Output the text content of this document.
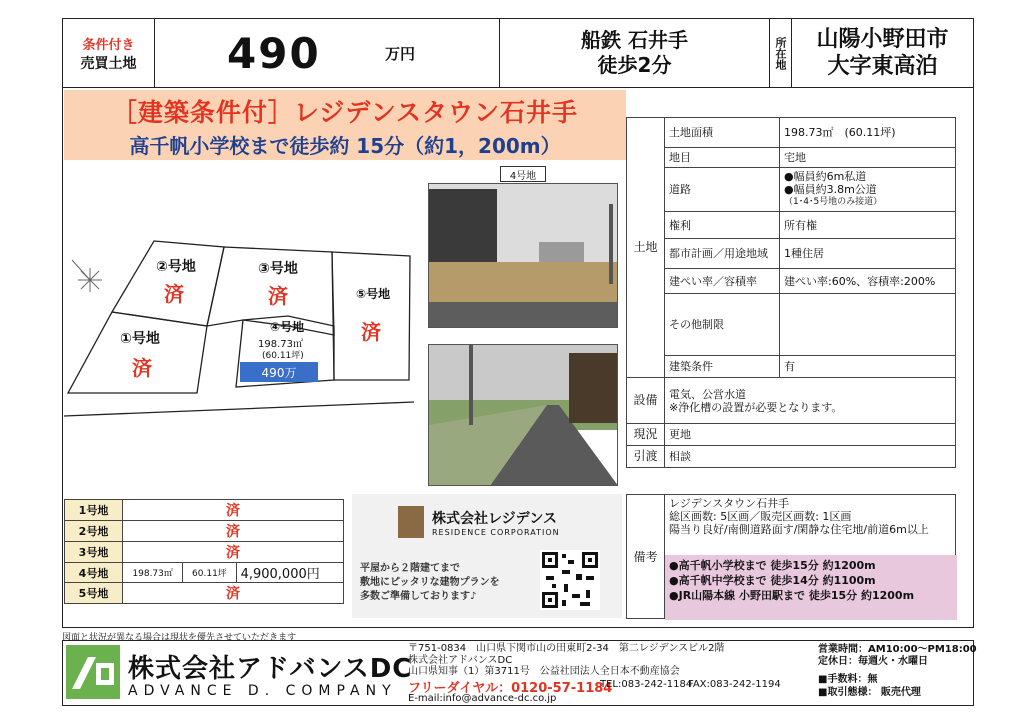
条件付き
売買土地 490	万円
船鉄 石井手
徒歩2分	所在地 山陽小野田市
大字東高泊
［建築条件付］レジデンスタウン石井手
高千帆小学校まで徒歩約 15分（約1，200m）
②号地
済
③号地
済	⑤号地
済
①号地
済
④号地
198.73㎡
(60.11坪)
490万
4号地
土地	土地面積	198.73㎡　(60.11坪)
	地目	宅地
	道路	●幅員約6m私道
●幅員約3.8m公道
（1･4･5号地のみ接道）

	権利	所有権
	都市計画／用途地域	1種住居
	建ぺい率／容積率	建ぺい率:60%、容積率:200%
	その他制限	
	建築条件	有
設備	電気、公営水道
※浄化槽の設置が必要となります。	

現況	更地	
引渡	相談	
備考
レジデンスタウン石井手
総区画数: 5区画／販売区画数: 1区画
陽当り良好/南側道路面す/閑静な住宅地/前道6m以上
●高千帆小学校まで 徒歩15分 約1200m
●高千帆中学校まで 徒歩14分 約1100m
●JR山陽本線 小野田駅まで 徒歩15分 約1200m
1号地	済		
2号地	済		
3号地	済		
4号地	198.73㎡	60.11坪	4,900,000円
5号地	済		
株式会社レジデンス
RESIDENCE CORPORATION
平屋から２階建てまで
敷地にピッタリな建物プランを
多数ご準備しております♪
図面と状況が異なる場合は現状を優先させていただきます
株式会社アドバンスDC
ADVANCE D. COMPANY
〒751-0834　山口県下関市山の田東町2-34　第二レジデンスビル2階
株式会社アドバンスDC
山口県知事（1）第3711号　公益社団法人全日本不動産協会
フリーダイヤル：0120-57-1184
TEL:083-242-1184
FAX:083-242-1194
E-mail:info@advance-dc.co.jp
営業時間：AM10:00～PM18:00
定休日：毎週火・水曜日
■手数料：無
■取引態様： 販売代理
